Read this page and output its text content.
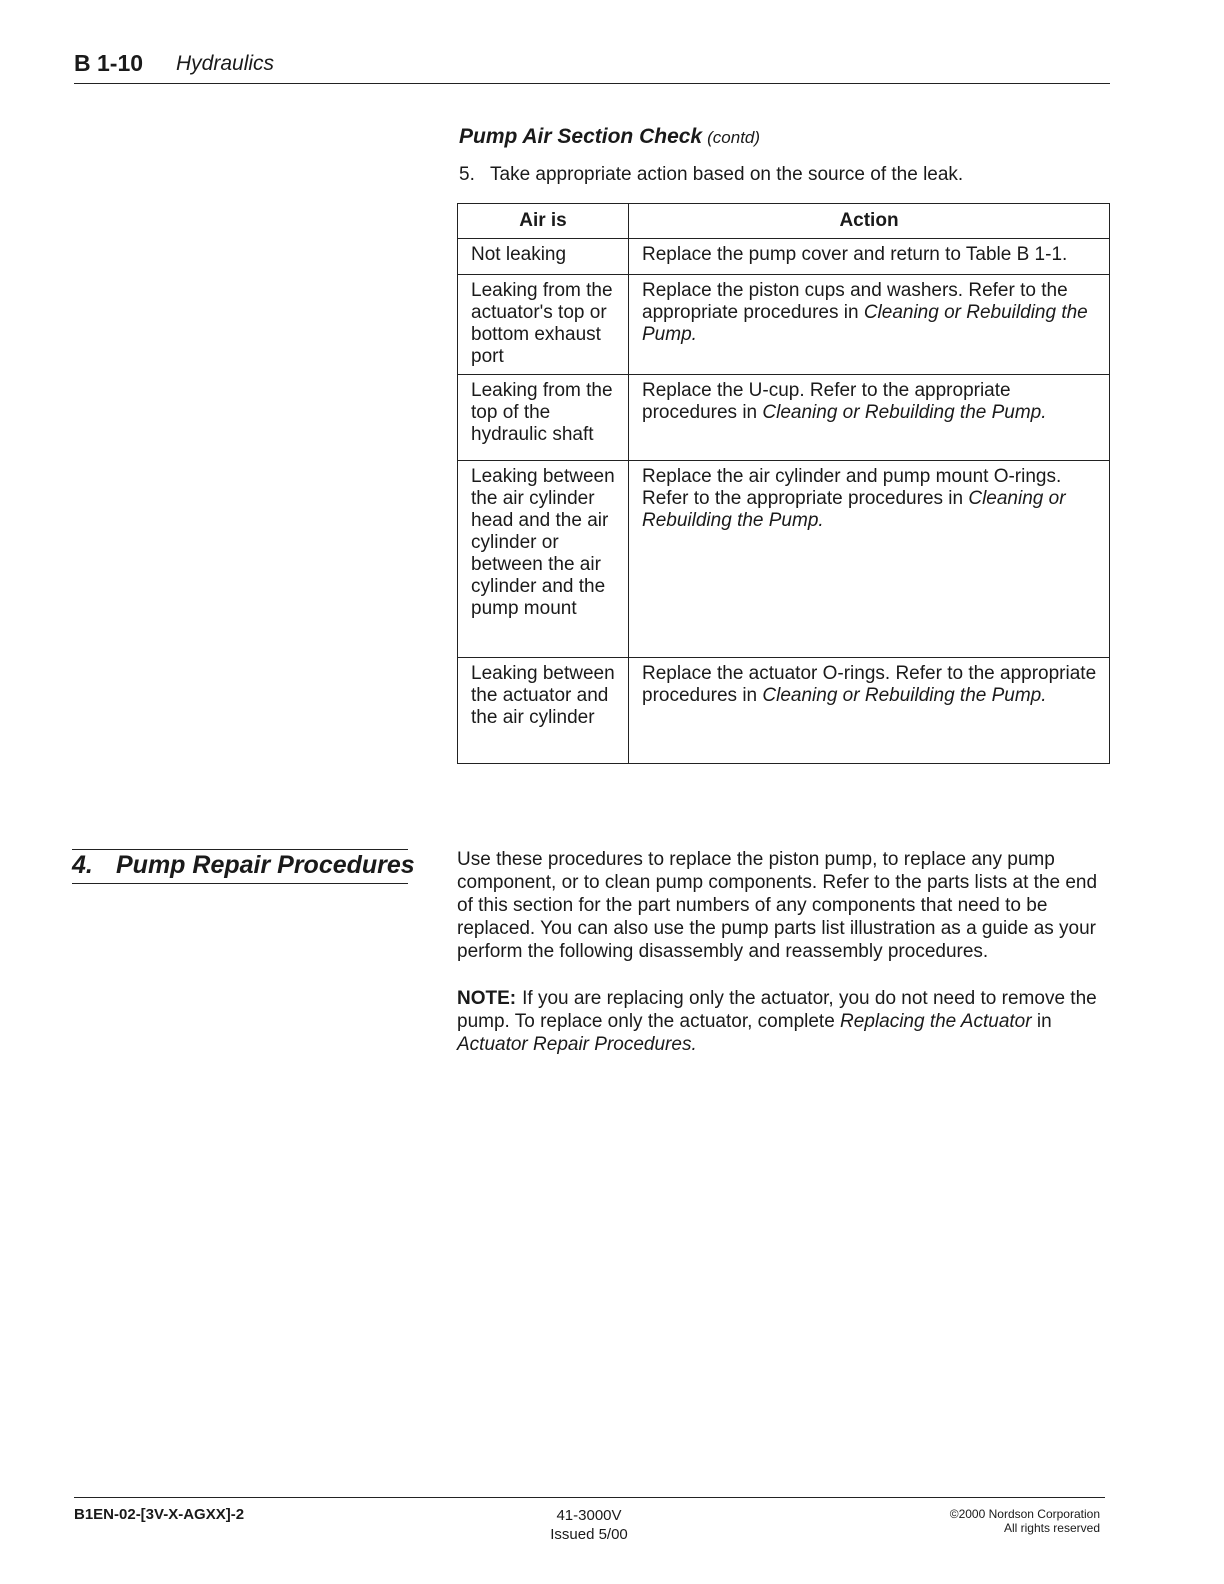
B 1-10 Hydraulics
Pump Air Section Check (contd)
5. Take appropriate action based on the source of the leak.
Air is	Action
Not leaking	Replace the pump cover and return to Table B 1-1.
Leaking from the actuator's top or bottom exhaust port	Replace the piston cups and washers. Refer to the appropriate procedures in Cleaning or Rebuilding the Pump.
Leaking from the top of the hydraulic shaft	Replace the U-cup. Refer to the appropriate procedures in Cleaning or Rebuilding the Pump.
Leaking between the air cylinder head and the air cylinder or between the air cylinder and the pump mount	Replace the air cylinder and pump mount O-rings. Refer to the appropriate procedures in Cleaning or Rebuilding the Pump.
Leaking between the actuator and the air cylinder	Replace the actuator O-rings. Refer to the appropriate procedures in Cleaning or Rebuilding the Pump.
4. Pump Repair Procedures Use these procedures to replace the piston pump, to replace any pump component, or to clean pump components. Refer to the parts lists at the end of this section for the part numbers of any components that need to be replaced. You can also use the pump parts list illustration as a guide as your perform the following disassembly and reassembly procedures.
NOTE: If you are replacing only the actuator, you do not need to remove the pump. To replace only the actuator, complete Replacing the Actuator in Actuator Repair Procedures.
B1EN-02-[3V-X-AGXX]-2	41-3000V
Issued 5/00
©2000 Nordson Corporation
All rights reserved
